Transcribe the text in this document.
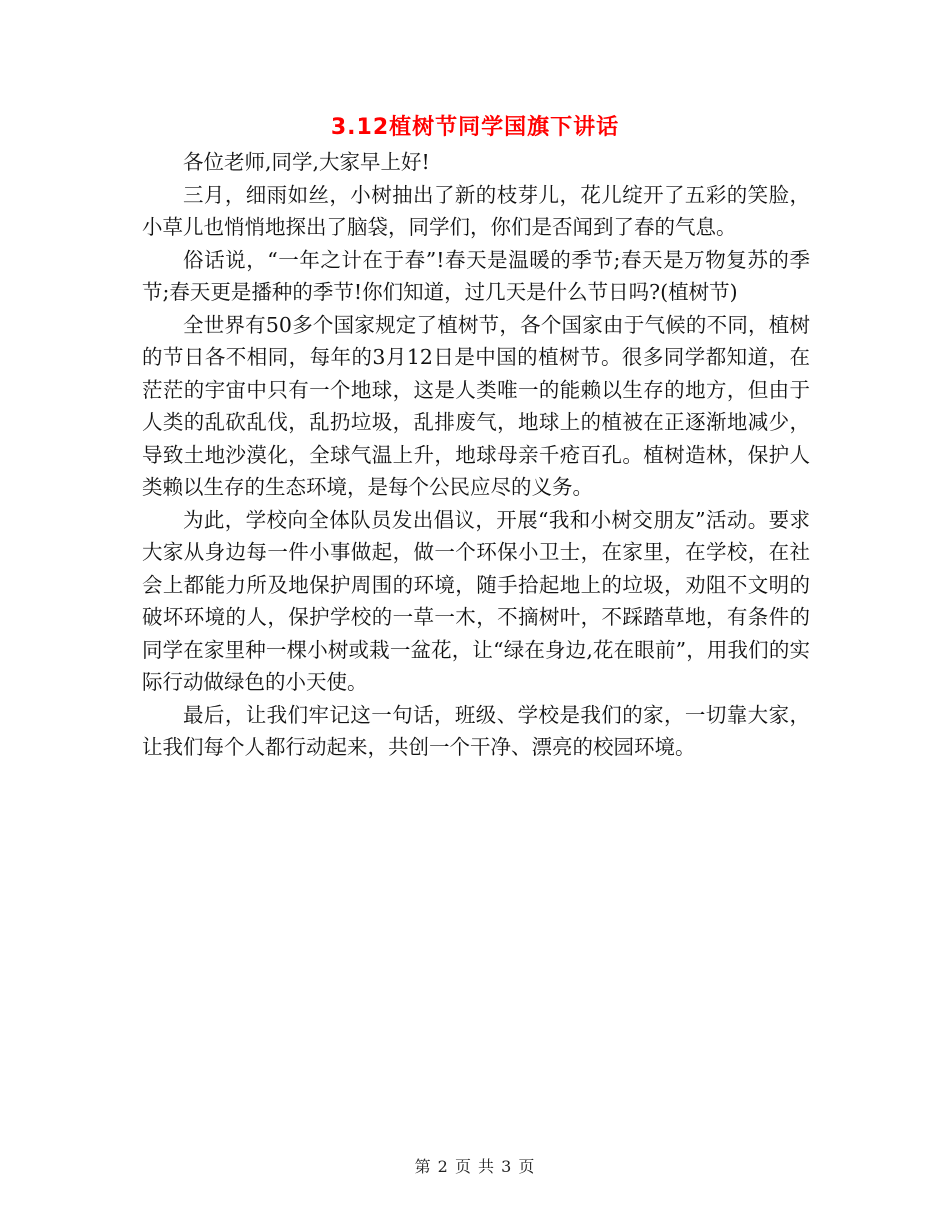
3.12植树节同学国旗下讲话

各位老师,同学,大家早上好!

三月，细雨如丝，小树抽出了新的枝芽儿，花儿绽开了五彩的笑脸，小草儿也悄悄地探出了脑袋，同学们，你们是否闻到了春的气息。

俗话说，“一年之计在于春”!春天是温暖的季节;春天是万物复苏的季节;春天更是播种的季节!你们知道，过几天是什么节日吗?(植树节)

全世界有50多个国家规定了植树节，各个国家由于气候的不同，植树的节日各不相同，每年的3月12日是中国的植树节。很多同学都知道，在茫茫的宇宙中只有一个地球，这是人类唯一的能赖以生存的地方，但由于人类的乱砍乱伐，乱扔垃圾，乱排废气，地球上的植被在正逐渐地减少，导致土地沙漠化，全球气温上升，地球母亲千疮百孔。植树造林，保护人类赖以生存的生态环境，是每个公民应尽的义务。

为此，学校向全体队员发出倡议，开展“我和小树交朋友”活动。要求大家从身边每一件小事做起，做一个环保小卫士，在家里，在学校，在社会上都能力所及地保护周围的环境，随手拾起地上的垃圾，劝阻不文明的破坏环境的人，保护学校的一草一木，不摘树叶，不踩踏草地，有条件的同学在家里种一棵小树或栽一盆花，让“绿在身边,花在眼前”，用我们的实际行动做绿色的小天使。

最后，让我们牢记这一句话，班级、学校是我们的家，一切靠大家，让我们每个人都行动起来，共创一个干净、漂亮的校园环境。

第 2 页 共 3 页
